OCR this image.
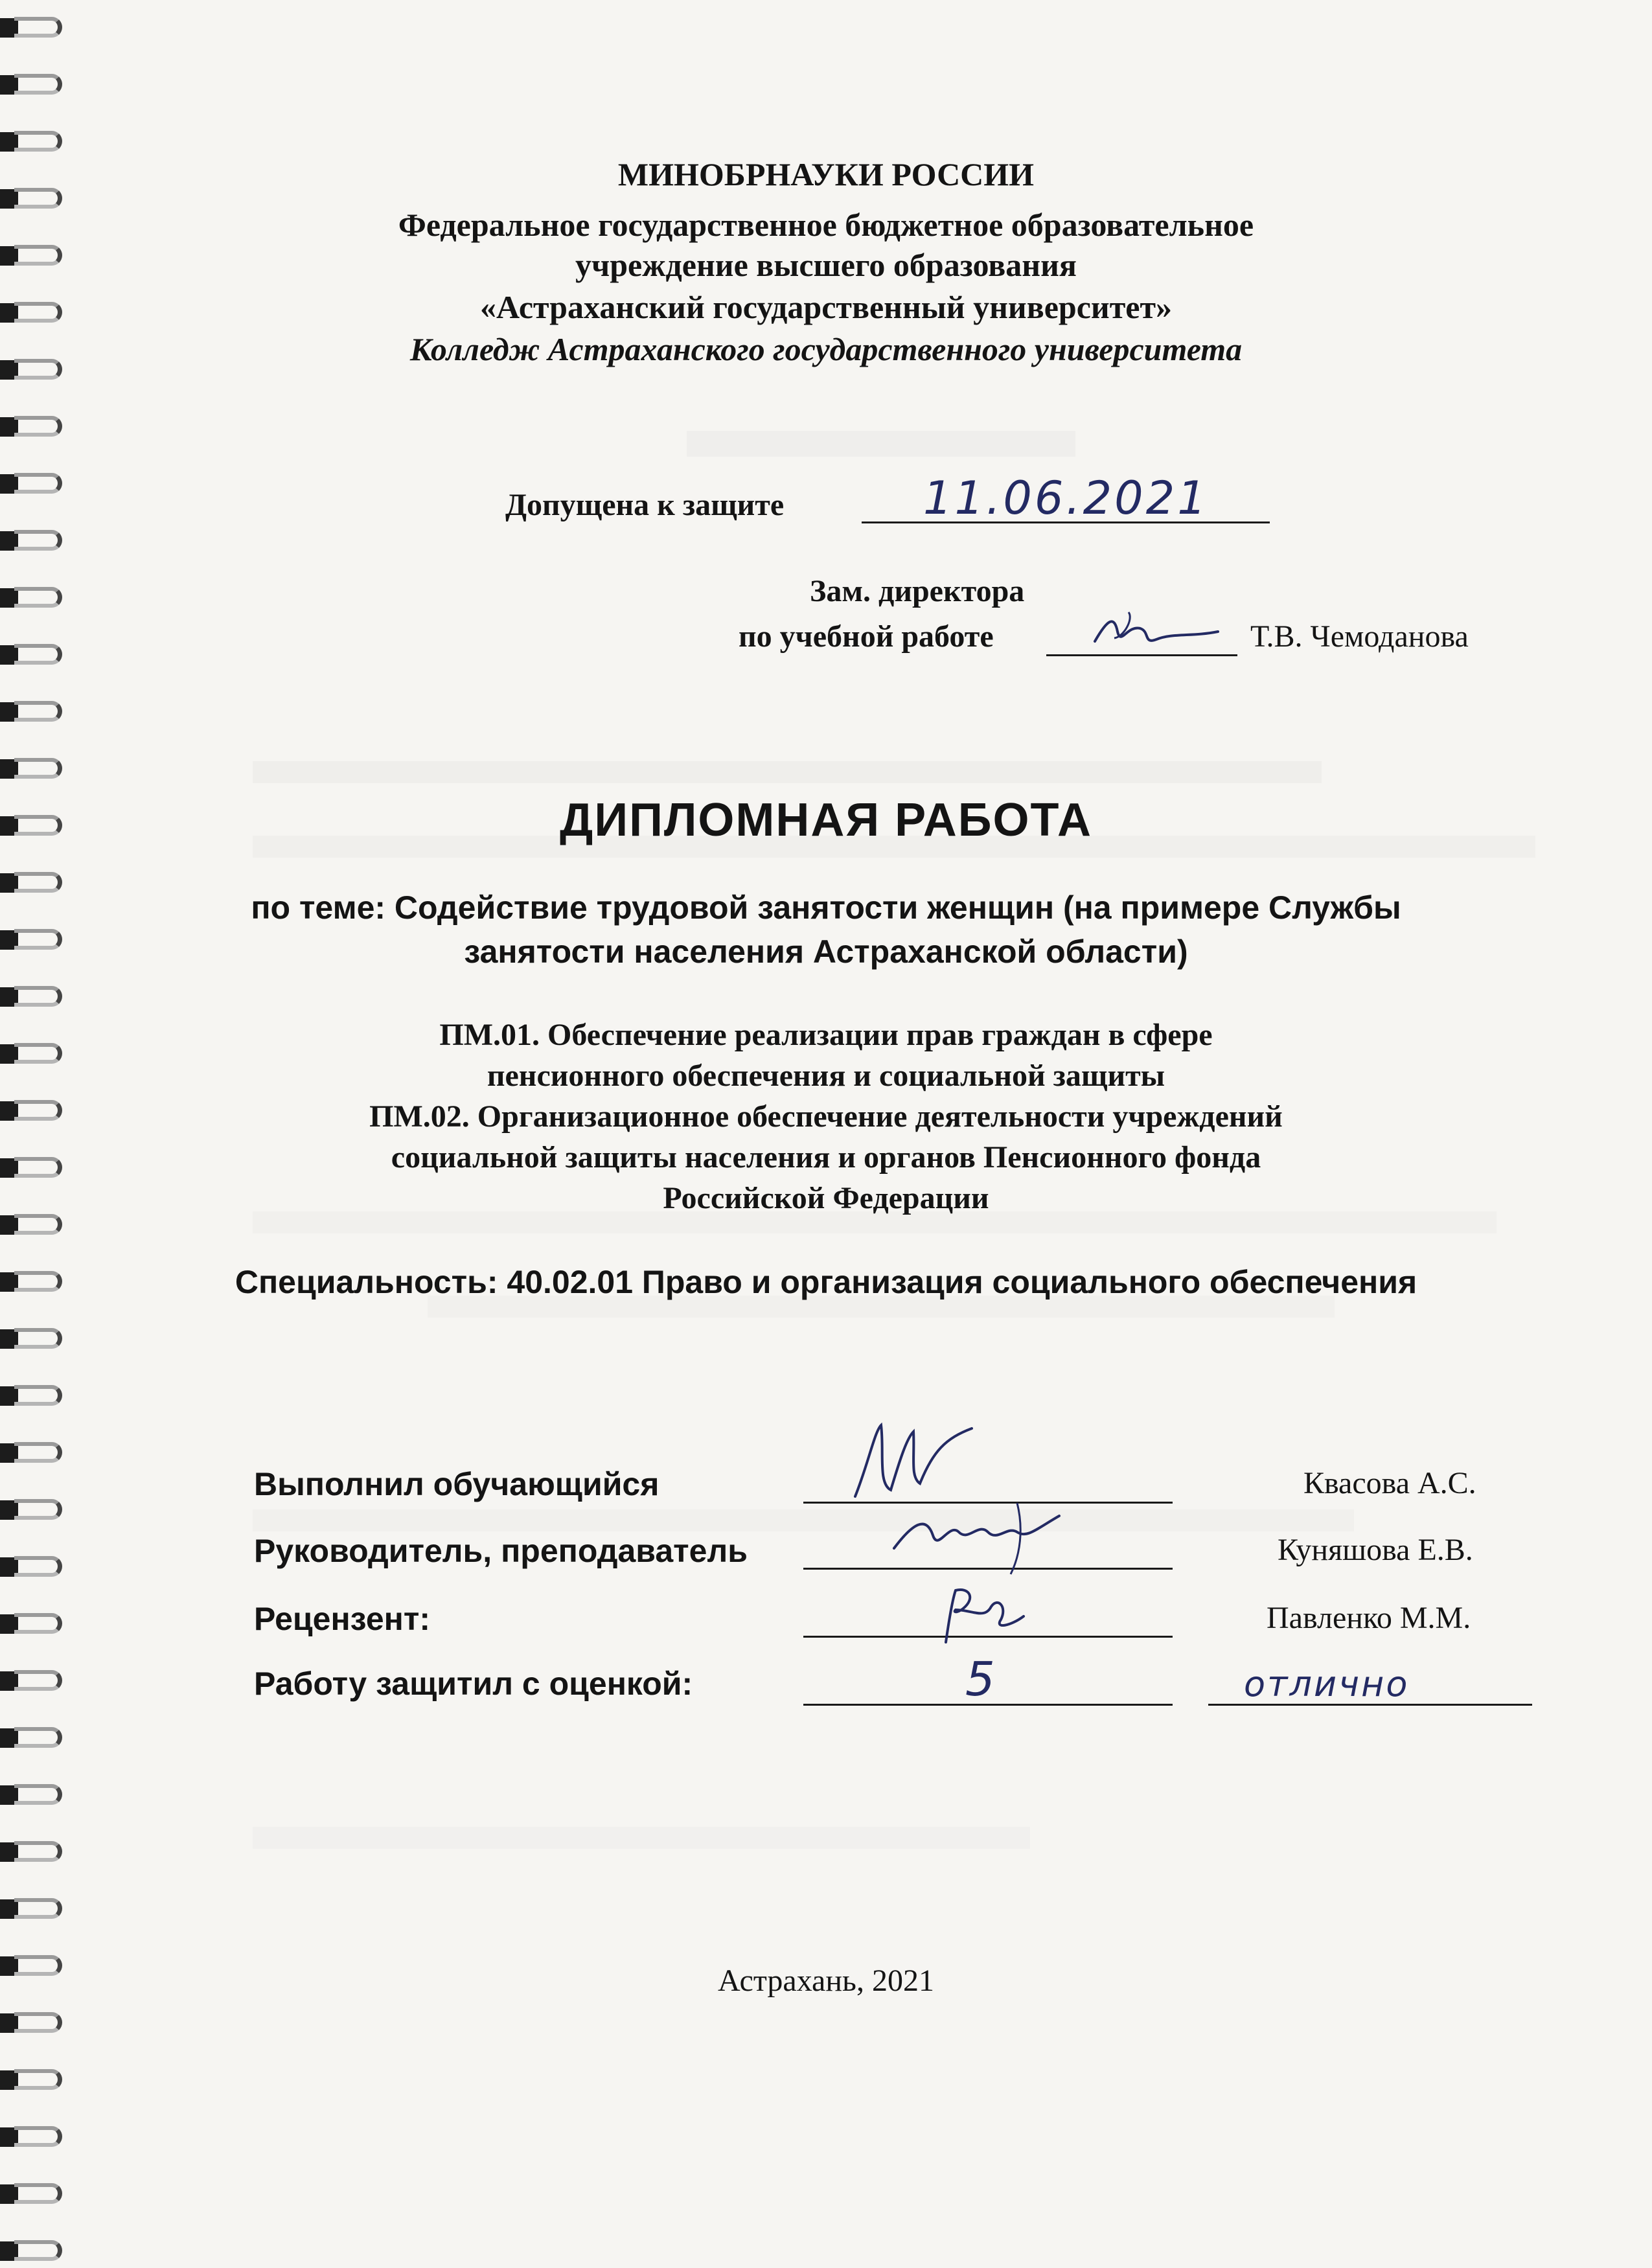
МИНОБРНАУКИ РОССИИ
Федеральное государственное бюджетное образовательное
учреждение высшего образования
«Астраханский государственный университет»
Колледж Астраханского государственного университета
Допущена к защите	11.06.2021
Зам. директора
по учебной работе	Т.В. Чемоданова
ДИПЛОМНАЯ РАБОТА
по теме: Содействие трудовой занятости женщин (на примере Службы
занятости населения Астраханской области)
ПМ.01. Обеспечение реализации прав граждан в сфере
пенсионного обеспечения и социальной защиты
ПМ.02. Организационное обеспечение деятельности учреждений
социальной защиты населения и органов Пенсионного фонда
Российской Федерации
Специальность: 40.02.01 Право и организация социального обеспечения
Выполнил обучающийся	Квасова А.С.
Руководитель, преподаватель	Куняшова Е.В.
Рецензент:	Павленко М.М.
Работу защитил с оценкой:	5	отлично
Астрахань, 2021
